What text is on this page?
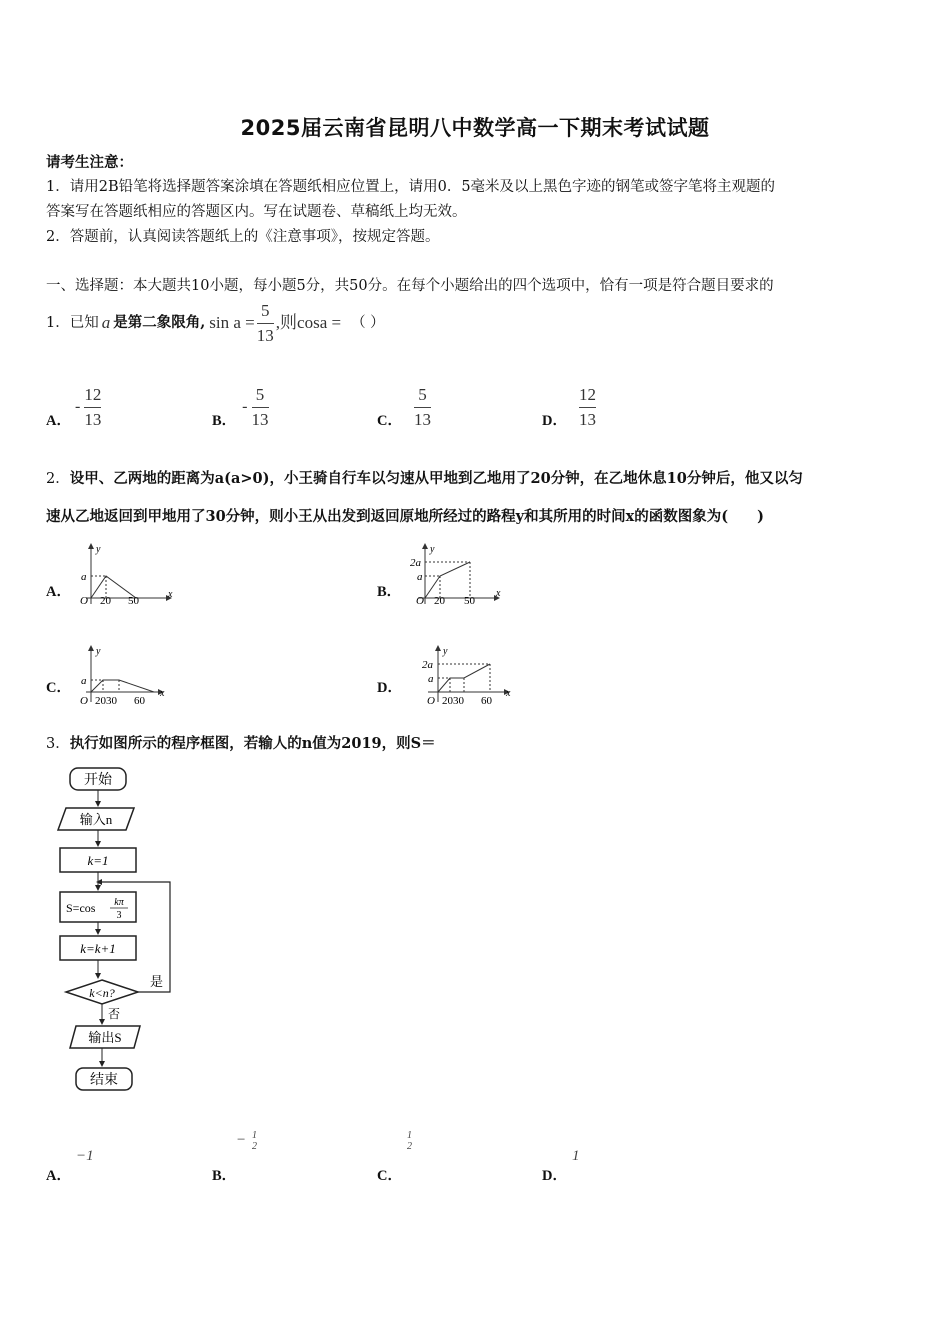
2025届云南省昆明八中数学高一下期末考试试题
请考生注意：
1．请用2B铅笔将选择题答案涂填在答题纸相应位置上，请用0．5毫米及以上黑色字迹的钢笔或签字笔将主观题的
答案写在答题纸相应的答题区内。写在试题卷、草稿纸上均无效。
2．答题前，认真阅读答题纸上的《注意事项》，按规定答题。
一、选择题：本大题共10小题，每小题5分，共50分。在每个小题给出的四个选项中，恰有一项是符合题目要求的
1． 已知 a 是第二象限角, $\sin a = \frac{5}{13}$ ,则cosa = （ ）
A．
- $\frac{12}{13}$	B．
- $\frac{5}{13}$	C． $\frac{5}{13}$	D． $\frac{12}{13}$
2．设甲、乙两地的距离为a(a>0)，小王骑自行车以匀速从甲地到乙地用了20分钟，在乙地休息10分钟后，他又以匀
速从乙地返回到甲地用了30分钟，则小王从出发到返回原地所经过的路程y和其所用的时间x的函数图象为(　　)
A．
y
x
a
O 20 50
B．
y
x
2a
a
O 20 50
C．
y
x
a
O 2030 60
D．
y
x
2a
a
O 2030 60
3．执行如图所示的程序框图，若输人的n值为2019，则S＝
开始
输入n
k=1
S=cos kπ
3
k=k+1
k<n?
是
否
输出S
结束
A．
−1
B．
− 1
2
C．
1
2
D．
1
